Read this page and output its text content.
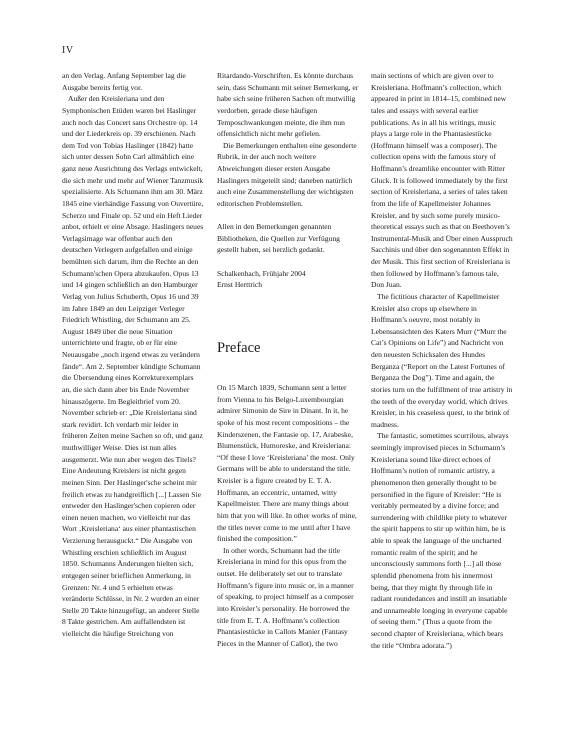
IV

an den Verlag. Anfang September lag die Ausgabe bereits fertig vor.

Außer den Kreisleriana und den Symphonischen Etüden waren bei Haslinger auch noch das Concert sans Orchestre op. 14 und der Liederkreis op. 39 erschienen. Nach dem Tod von Tobias Haslinger (1842) hatte sich unter dessen Sohn Carl allmählich eine ganz neue Ausrichtung des Verlags entwickelt, die sich mehr und mehr auf Wiener Tanzmusik spezialisierte. Als Schumann ihm am 30. März 1845 eine vierhändige Fassung von Ouvertüre, Scherzo und Finale op. 52 und ein Heft Lieder anbot, erhielt er eine Absage. Haslingers neues Verlagsimage war offenbar auch den deutschen Verlegern aufgefallen und einige bemühten sich darum, ihm die Rechte an den Schumann'schen Opera abzukaufen. Opus 13 und 14 gingen schließlich an den Hamburger Verlag von Julius Schuberth, Opus 16 und 39 im Jahre 1849 an den Leipziger Verleger Friedrich Whistling, der Schumann am 25. August 1849 über die neue Situation unterrichtete und fragte, ob er für eine Neuausgabe „noch irgend etwas zu verändern fände“. Am 2. September kündigte Schumann die Übersendung eines Korrekturexemplars an, die sich dann aber bis Ende November hinauszögerte. Im Begleitbrief vom 20. November schrieb er: „Die Kreisleriana sind stark revidirt. Ich verdarb mir leider in früheren Zeiten meine Sachen so oft, und ganz muthwilliger Weise. Dies ist nun alles ausgemerzt. Wie nun aber wegen des Titels? Eine Andeutung Kreislers ist nicht gegen meinen Sinn. Der Haslinger'sche scheint mir freilich etwas zu handgreiflich [...] Lassen Sie entweder den Haslinger'schen copieren oder einen neuen machen, wo vielleicht nur das Wort ‚Kreisleriana‘ aus einer phantastischen Verzierung herausguckt.“ Die Ausgabe von Whistling erschien schließlich im August 1850. Schumanns Änderungen hielten sich, entgegen seiner brieflichen Anmerkung, in Grenzen: Nr. 4 und 5 erhielten etwas veränderte Schlüsse, in Nr. 2 wurden an einer Stelle 20 Takte hinzugefügt, an anderer Stelle 8 Takte gestrichen. Am auffallendsten ist vielleicht die häufige Streichung von

Ritardando-Vorschriften. Es könnte durchaus sein, dass Schumann mit seiner Bemerkung, er habe sich seine früheren Sachen oft mutwillig verdorben, gerade diese häufigen Temposchwankungen meinte, die ihm nun offensichtlich nicht mehr gefielen.

Die Bemerkungen enthalten eine gesonderte Rubrik, in der auch noch weitere Abweichungen dieser ersten Ausgabe Haslingers mitgeteilt sind; daneben natürlich auch eine Zusammenstellung der wichtigsten editorischen Problemstellen.

Allen in den Bemerkungen genannten Bibliotheken, die Quellen zur Verfügung gestellt haben, sei herzlich gedankt.

Schalkenbach, Frühjahr 2004

Ernst Herttrich

Preface

On 15 March 1839, Schumann sent a letter from Vienna to his Belgo-Luxembourgian admirer Simonin de Sire in Dinant. In it, he spoke of his most recent compositions – the Kinderszenen, the Fantasie op. 17, Arabeske, Blumenstück, Humoreske, and Kreisleriana: “Of these I love ‘Kreisleriana’ the most. Only Germans will be able to understand the title. Kreisler is a figure created by E. T. A. Hoffmann, an eccentric, untamed, witty Kapellmeister. There are many things about him that you will like. In other works of mine, the titles never come to me until after I have finished the composition.”

In other words, Schumann had the title Kreisleriana in mind for this opus from the outset. He deliberately set out to translate Hoffmann’s figure into music or, in a manner of speaking, to project himself as a composer into Kreisler’s personality. He borrowed the title from E. T. A. Hoffmann’s collection Phantasiestücke in Callots Manier (Fantasy Pieces in the Manner of Callot), the two

main sections of which are given over to Kreisleriana. Hoffmann’s collection, which appeared in print in 1814–15, combined new tales and essays with several earlier publications. As in all his writings, music plays a large role in the Phantasiestücke (Hoffmann himself was a composer). The collection opens with the famous story of Hoffmann’s dreamlike encounter with Ritter Gluck. It is followed immediately by the first section of Kreisleriana, a series of tales taken from the life of Kapellmeister Johannes Kreisler, and by such some purely musico-theoretical essays such as that on Beethoven’s Instrumental-Musik and Über einen Ausspruch Sacchinis und über den sogenannten Effekt in der Musik. This first section of Kreisleriana is then followed by Hoffmann’s famous tale, Don Juan.

The fictitious character of Kapellmeister Kreisler also crops up elsewhere in Hoffmann’s oeuvre, most notably in Lebensansichten des Katers Murr (“Murr the Cat’s Opinions on Life”) and Nachricht von den neuesten Schicksalen des Hundes Berganza (“Report on the Latest Fortunes of Berganza the Dog”). Time and again, the stories turn on the fulfillment of true artistry in the teeth of the everyday world, which drives Kreisler, in his ceaseless quest, to the brink of madness.

The fantastic, sometimes scurrilous, always seemingly improvised pieces in Schumann’s Kreisleriana sound like direct echoes of Hoffmann’s notion of romantic artistry, a phenomenon then generally thought to be personified in the figure of Kreisler: “He is veritably permeated by a divine force; and surrendering with childlike piety to whatever the spirit happens to stir up within him, he is able to speak the language of the uncharted romantic realm of the spirit; and he unconsciously summons forth [...] all those splendid phenomena from his innermost being, that they might fly through life in radiant roundedances and instill an insatiable and unnameable longing in everyone capable of seeing them.” (Thus a quote from the second chapter of Kreisleriana, which bears the title “Ombra adorata.”)
